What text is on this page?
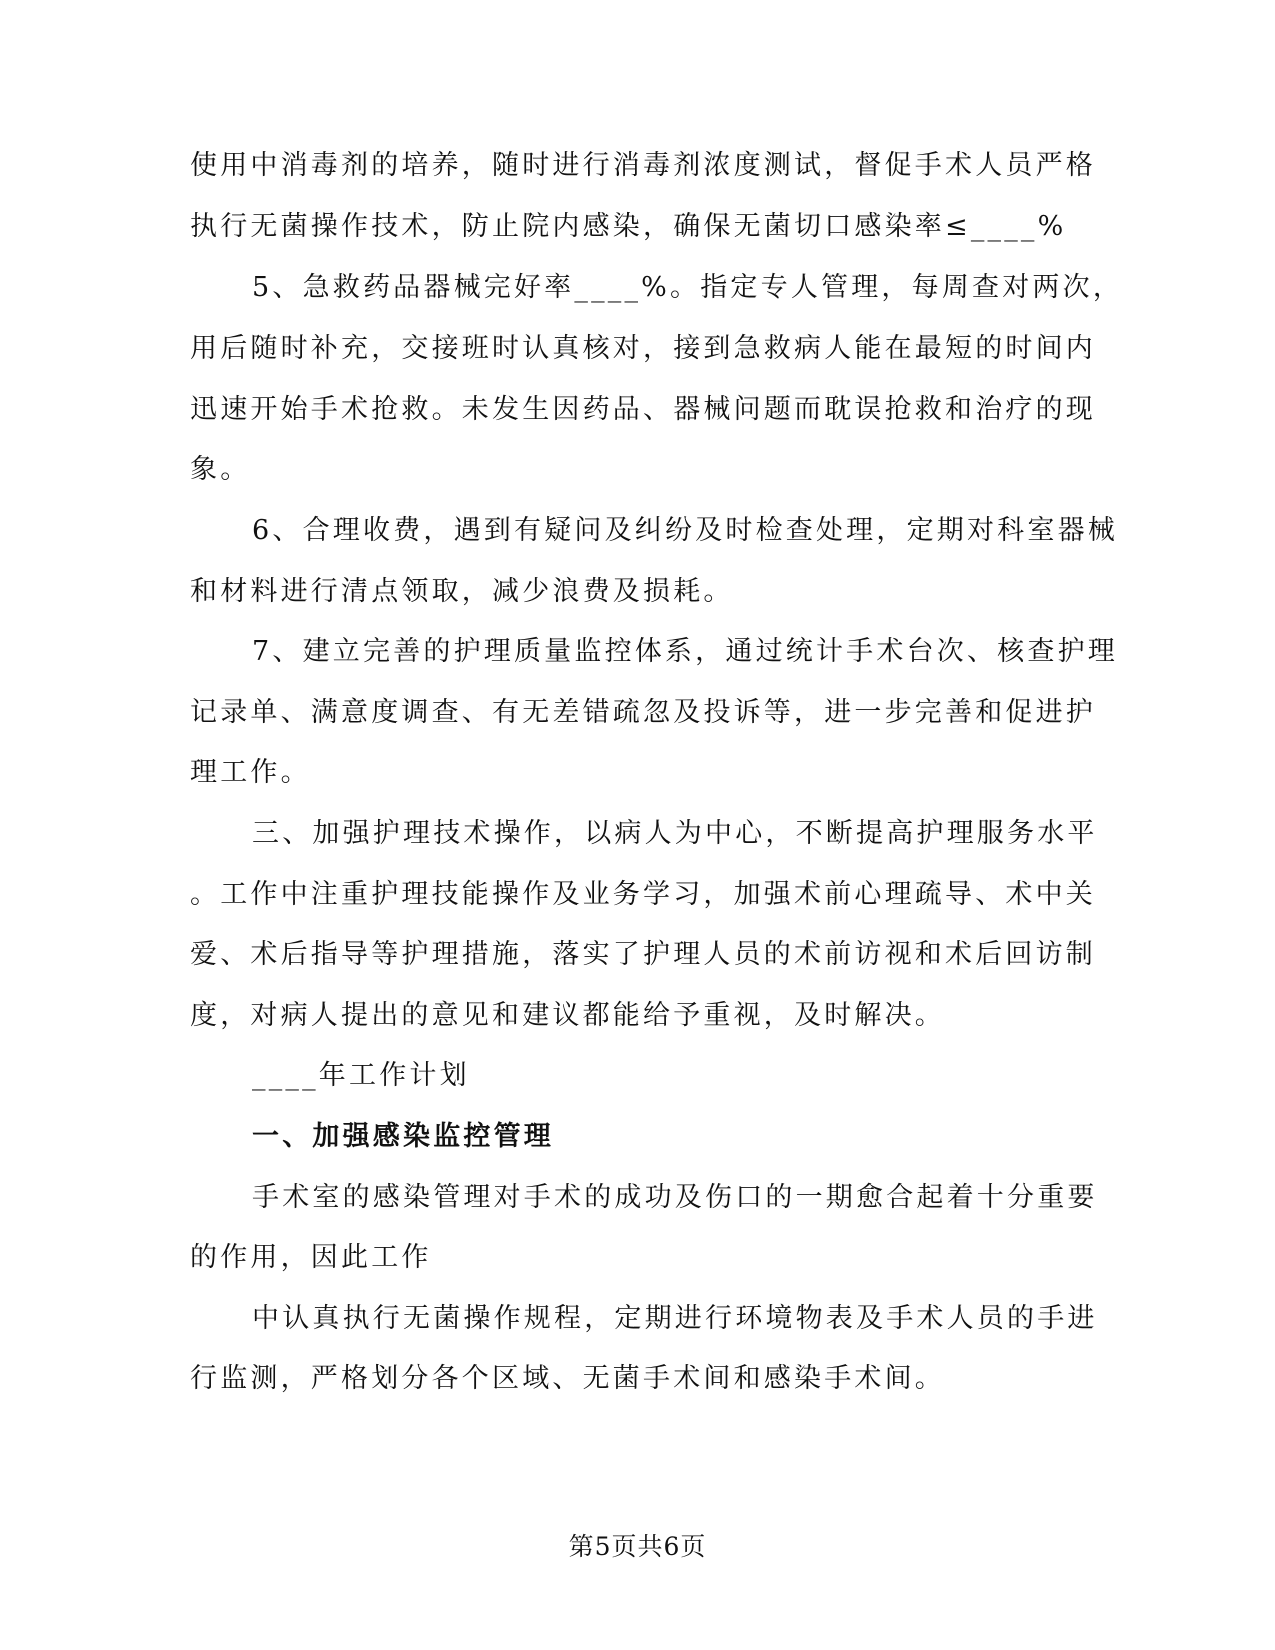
使用中消毒剂的培养，随时进行消毒剂浓度测试，督促手术人员严格
执行无菌操作技术，防止院内感染，确保无菌切口感染率≤____%
5、急救药品器械完好率____%。指定专人管理，每周查对两次，
用后随时补充，交接班时认真核对，接到急救病人能在最短的时间内
迅速开始手术抢救。未发生因药品、器械问题而耽误抢救和治疗的现
象。
6、合理收费，遇到有疑问及纠纷及时检查处理，定期对科室器械
和材料进行清点领取，减少浪费及损耗。
7、建立完善的护理质量监控体系，通过统计手术台次、核查护理
记录单、满意度调查、有无差错疏忽及投诉等，进一步完善和促进护
理工作。
三、加强护理技术操作，以病人为中心，不断提高护理服务水平
。工作中注重护理技能操作及业务学习，加强术前心理疏导、术中关
爱、术后指导等护理措施，落实了护理人员的术前访视和术后回访制
度，对病人提出的意见和建议都能给予重视，及时解决。
____年工作计划
一、加强感染监控管理
手术室的感染管理对手术的成功及伤口的一期愈合起着十分重要
的作用，因此工作
中认真执行无菌操作规程，定期进行环境物表及手术人员的手进
行监测，严格划分各个区域、无菌手术间和感染手术间。
第5页共6页
